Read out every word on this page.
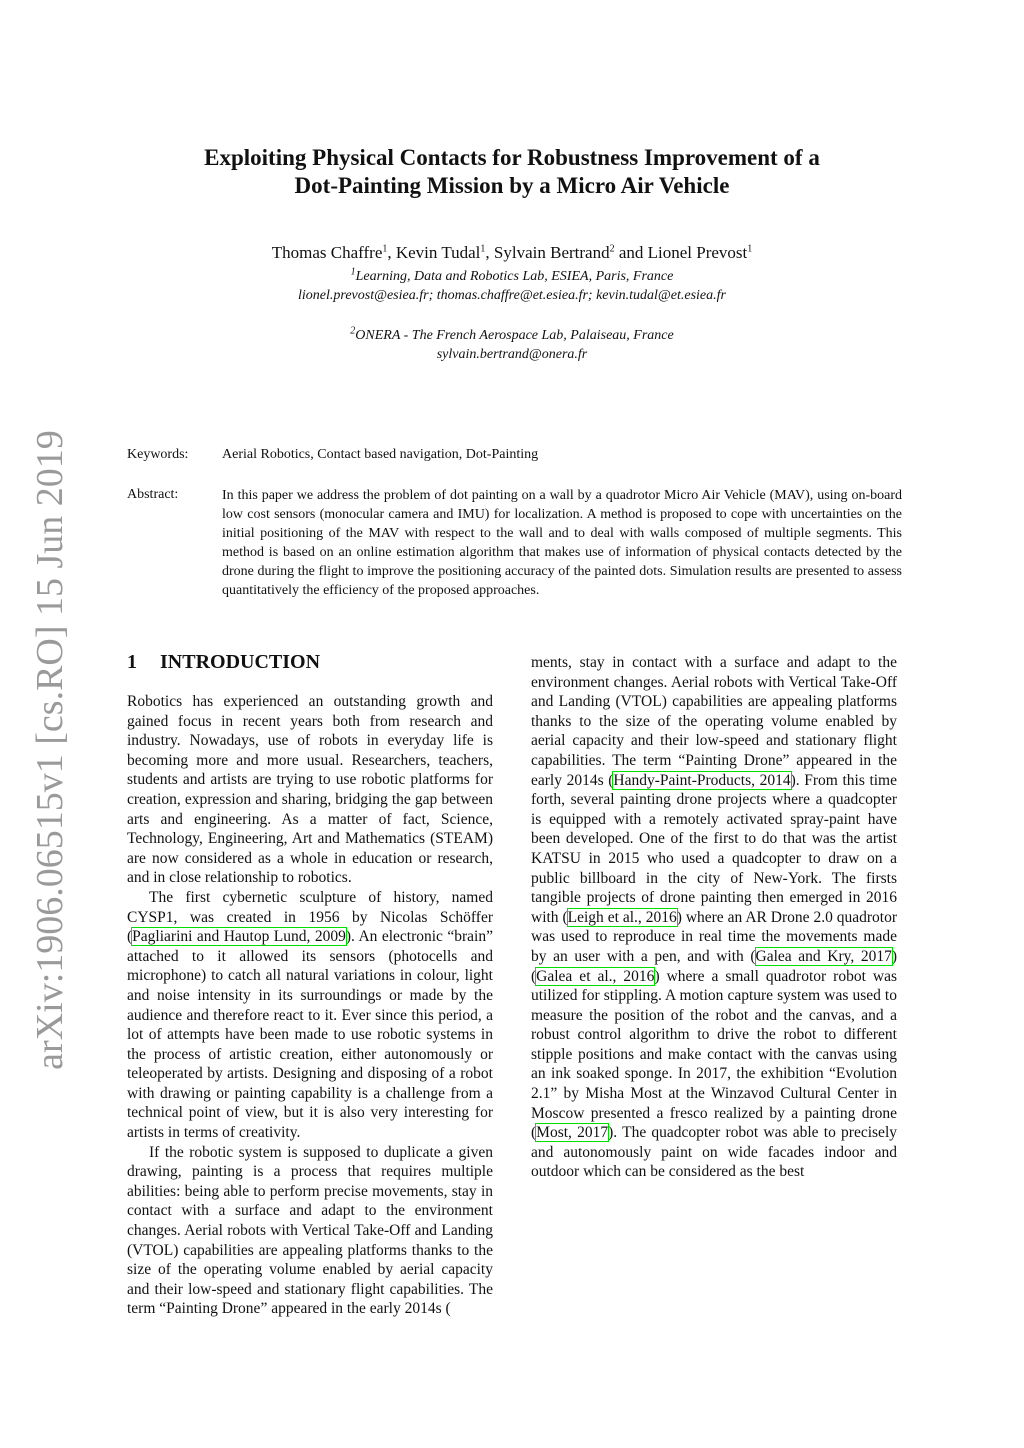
arXiv:1906.06515v1 [cs.RO] 15 Jun 2019
Exploiting Physical Contacts for Robustness Improvement of a
Dot-Painting Mission by a Micro Air Vehicle
Thomas Chaffre$^1$, Kevin Tudal$^1$, Sylvain Bertrand$^2$ and Lionel Prevost$^1$
$^1$Learning, Data and Robotics Lab, ESIEA, Paris, France
lionel.prevost@esiea.fr; thomas.chaffre@et.esiea.fr; kevin.tudal@et.esiea.fr
$^2$ONERA - The French Aerospace Lab, Palaiseau, France
sylvain.bertrand@onera.fr
Keywords: Aerial Robotics, Contact based navigation, Dot-Painting
Abstract:	In this paper we address the problem of dot painting on a wall by a quadrotor Micro Air Vehicle (MAV), using on-board low cost sensors (monocular camera and IMU) for localization. A method is proposed to cope with uncertainties on the initial positioning of the MAV with respect to the wall and to deal with walls composed of multiple segments. This method is based on an online estimation algorithm that makes use of information of physical contacts detected by the drone during the flight to improve the positioning accuracy of the painted dots. Simulation results are presented to assess quantitatively the efficiency of the proposed approaches.
1 INTRODUCTION

Robotics has experienced an outstanding growth and gained focus in recent years both from research and industry. Nowadays, use of robots in everyday life is becoming more and more usual. Researchers, teachers, students and artists are trying to use robotic platforms for creation, expression and sharing, bridging the gap between arts and engineering. As a matter of fact, Science, Technology, Engineering, Art and Mathematics (STEAM) are now considered as a whole in education or research, and in close relationship to robotics.

The first cybernetic sculpture of history, named CYSP1, was created in 1956 by Nicolas Schöffer (Pagliarini and Hautop Lund, 2009). An electronic “brain” attached to it allowed its sensors (photocells and microphone) to catch all natural variations in colour, light and noise intensity in its surroundings or made by the audience and therefore react to it. Ever since this period, a lot of attempts have been made to use robotic systems in the process of artistic creation, either autonomously or teleoperated by artists. Designing and disposing of a robot with drawing or painting capability is a challenge from a technical point of view, but it is also very interesting for artists in terms of creativity.

If the robotic system is supposed to duplicate a given drawing, painting is a process that requires multiple abilities: being able to perform precise movements, stay in contact with a surface and adapt to the environment changes. Aerial robots with Vertical Take-Off and Landing (VTOL) capabilities are appealing platforms thanks to the size of the operating volume enabled by aerial capacity and their low-speed and stationary flight capabilities. The term “Painting Drone” appeared in the early 2014s (

ments, stay in contact with a surface and adapt to the environment changes. Aerial robots with Vertical Take-Off and Landing (VTOL) capabilities are appealing platforms thanks to the size of the operating volume enabled by aerial capacity and their low-speed and stationary flight capabilities. The term “Painting Drone” appeared in the early 2014s (Handy-Paint-Products, 2014). From this time forth, several painting drone projects where a quadcopter is equipped with a remotely activated spray-paint have been developed. One of the first to do that was the artist KATSU in 2015 who used a quadcopter to draw on a public billboard in the city of New-York. The firsts tangible projects of drone painting then emerged in 2016 with (Leigh et al., 2016) where an AR Drone 2.0 quadrotor was used to reproduce in real time the movements made by an user with a pen, and with (Galea and Kry, 2017) (Galea et al., 2016) where a small quadrotor robot was utilized for stippling. A motion capture system was used to measure the position of the robot and the canvas, and a robust control algorithm to drive the robot to different stipple positions and make contact with the canvas using an ink soaked sponge. In 2017, the exhibition “Evolution 2.1” by Misha Most at the Winzavod Cultural Center in Moscow presented a fresco realized by a painting drone (Most, 2017). The quadcopter robot was able to precisely and autonomously paint on wide facades indoor and outdoor which can be considered as the best
